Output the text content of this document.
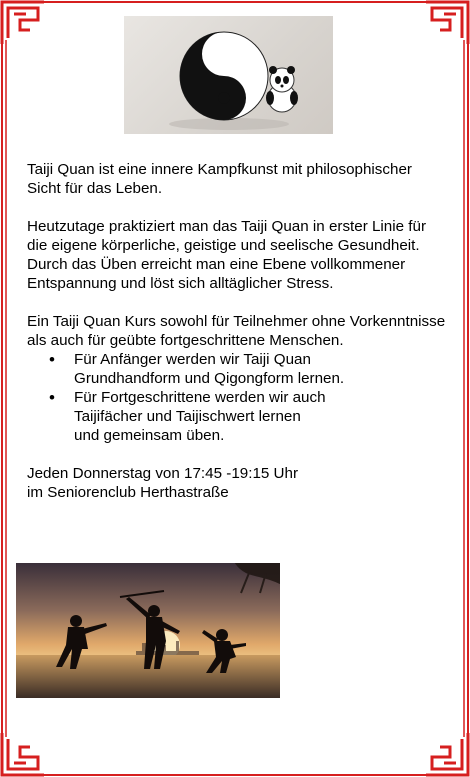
Taiji Quan ist eine innere Kampfkunst mit philosophischer Sicht für das Leben.

Heutzutage praktiziert man das Taiji Quan in erster Linie für die eigene körperliche, geistige und seelische Gesundheit. Durch das Üben erreicht man eine Ebene vollkommener Entspannung und löst sich alltäglicher Stress.

Ein Taiji Quan Kurs sowohl für Teilnehmer ohne Vorkenntnisse als auch für geübte fortgeschrittene Menschen.
• Für Anfänger werden wir Taiji Quan
Grundhandform und Qigongform lernen.
• Für Fortgeschrittene werden wir auch
Taijifächer und Taijischwert lernen
und gemeinsam üben.
Jeden Donnerstag von 17:45 -19:15 Uhr
im Seniorenclub Herthastraße
